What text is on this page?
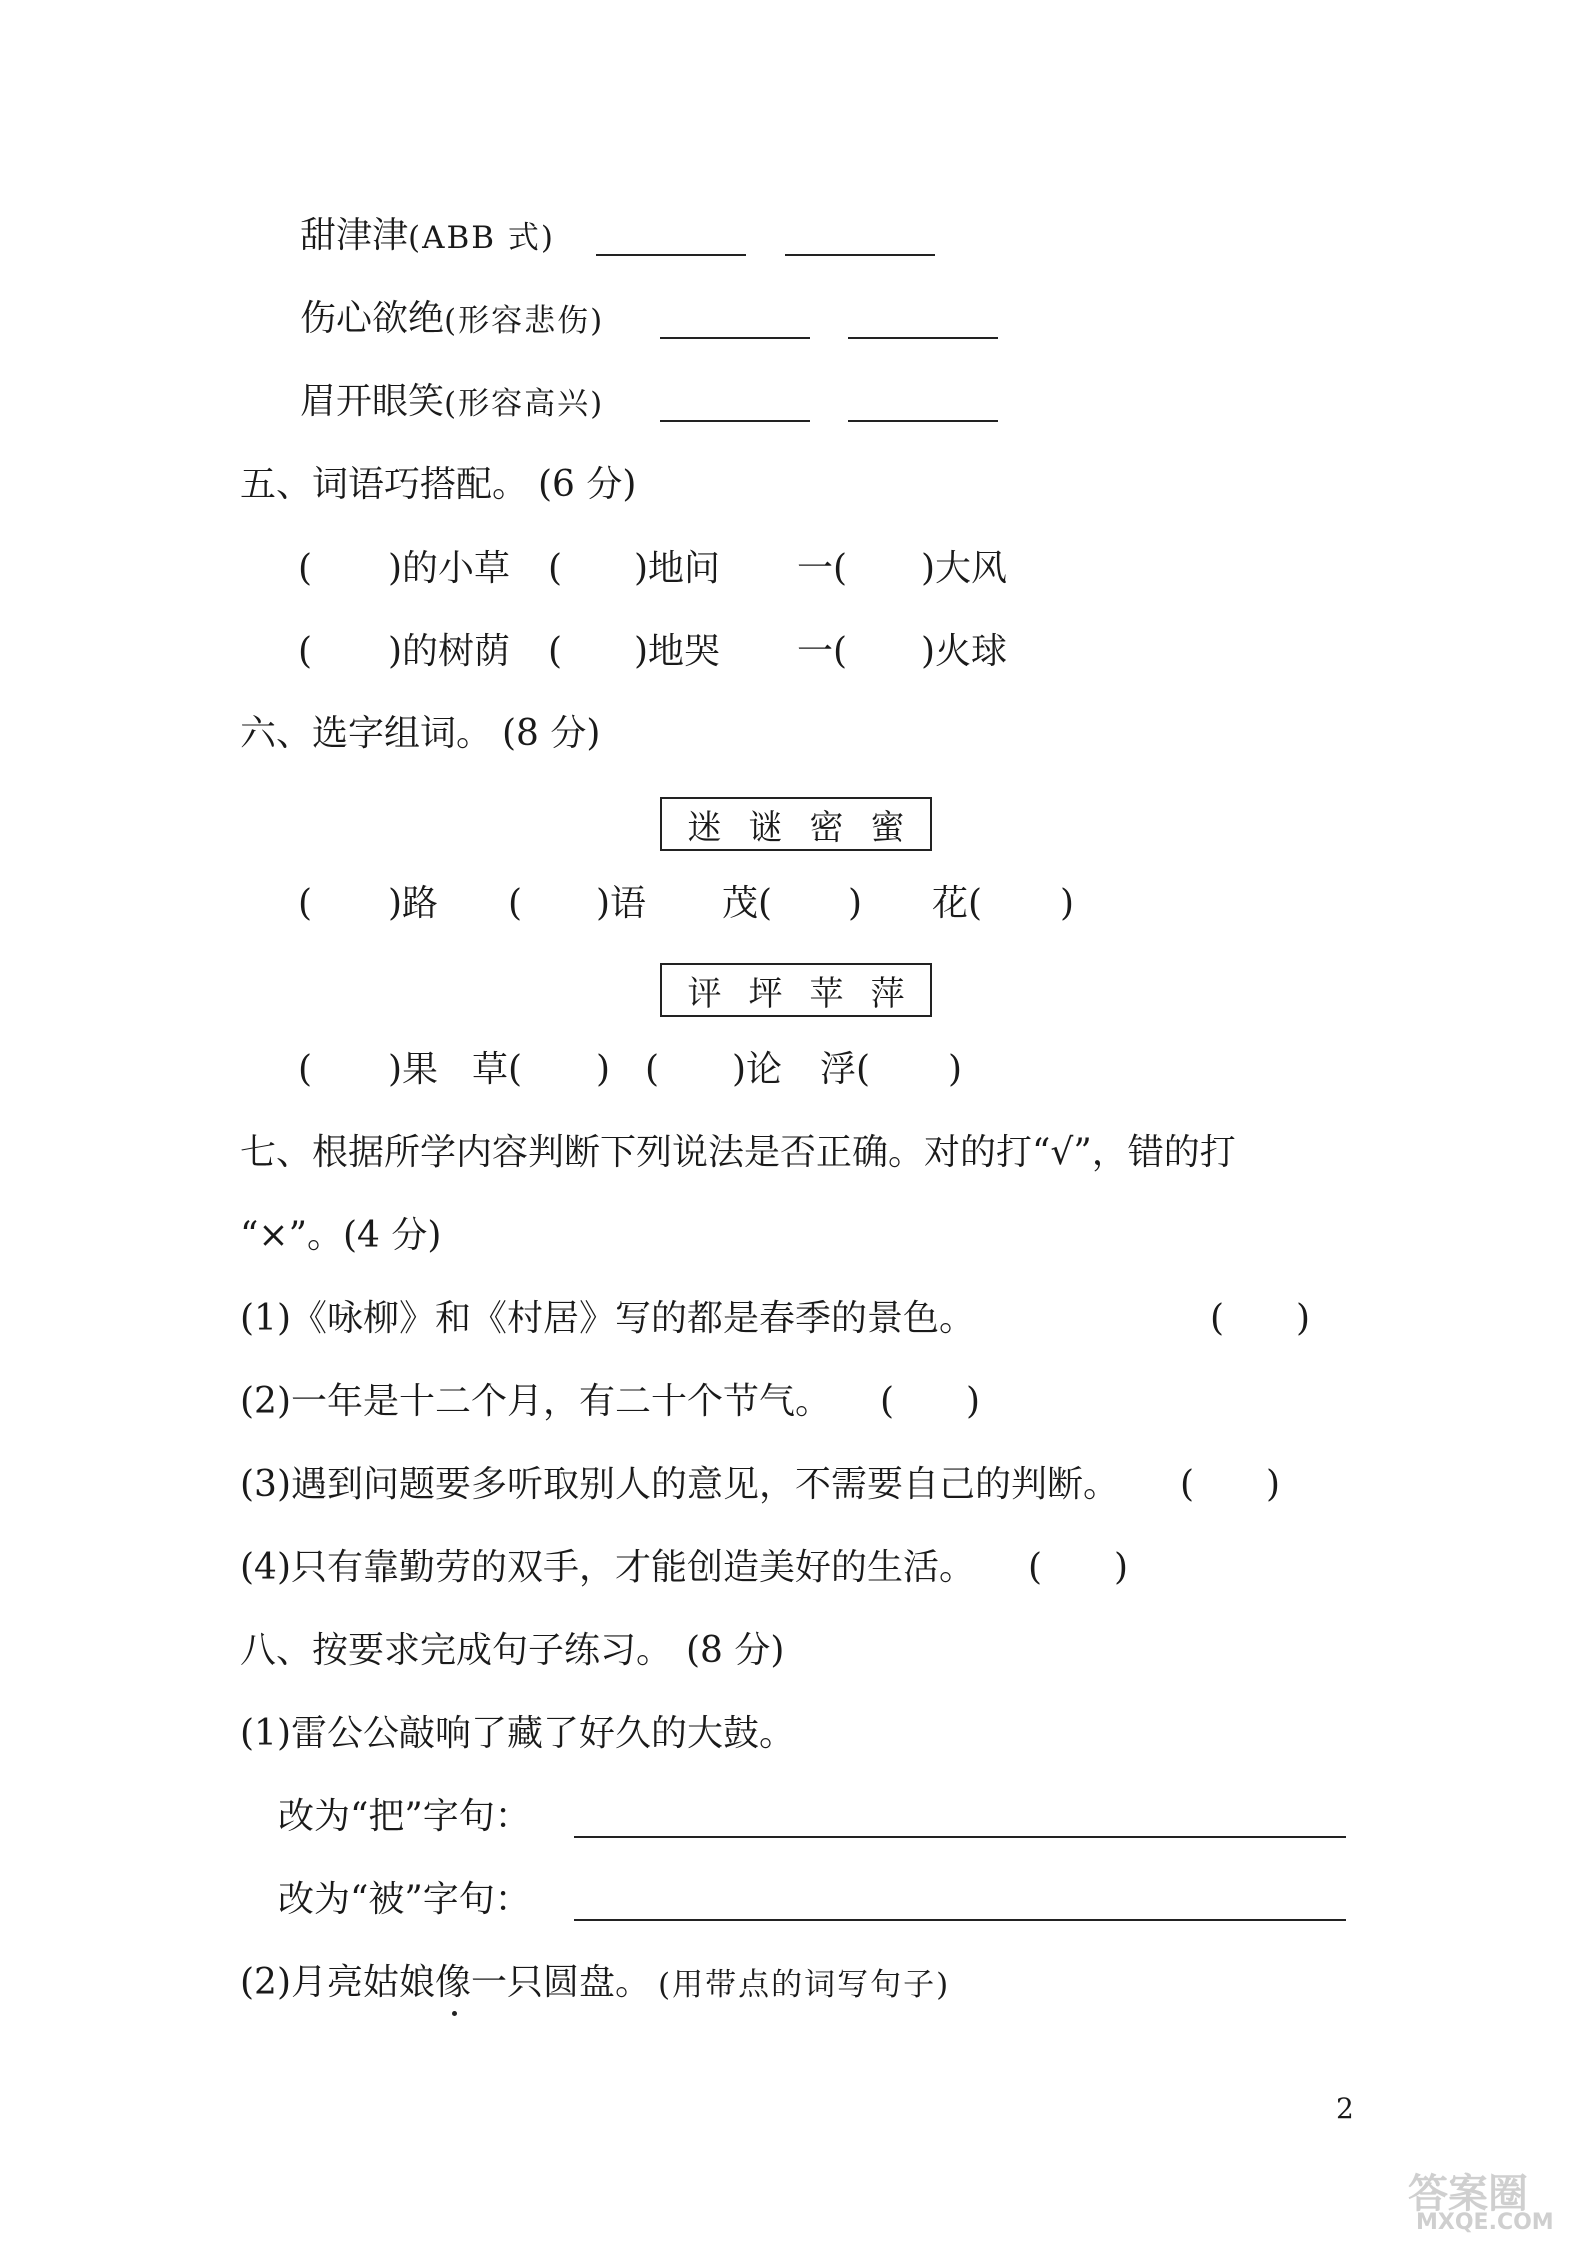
甜津津 (ABB 式)
伤心欲绝 (形容悲伤)
眉开眼笑 (形容高兴)
五、词语巧搭配。 (6 分)
( )的小草 ( )地问 一( )大风
( )的树荫 ( )地哭 一( )火球
六、选字组词。 (8 分)
迷 谜 密 蜜
( )路 ( )语 茂( ) 花( )
评 坪 苹 萍
( )果 草( ) ( )论 浮( )
七、根据所学内容判断下列说法是否正确。对的打“√”，错的打
“×”。(4 分)
(1)《咏柳》和《村居》写的都是春季的景色。	(　　)
(2)一年是十二个月，有二十个节气。 (　　)
(3)遇到问题要多听取别人的意见，不需要自己的判断。 (　　)
(4)只有靠勤劳的双手，才能创造美好的生活。 (　　)
八、按要求完成句子练习。 (8 分)
(1)雷公公敲响了藏了好久的大鼓。
改为“把”字句：
改为“被”字句：
(2)月亮姑娘像一只圆盘。 (用带点的词写句子)
2
答案圈
MXQE.COM
